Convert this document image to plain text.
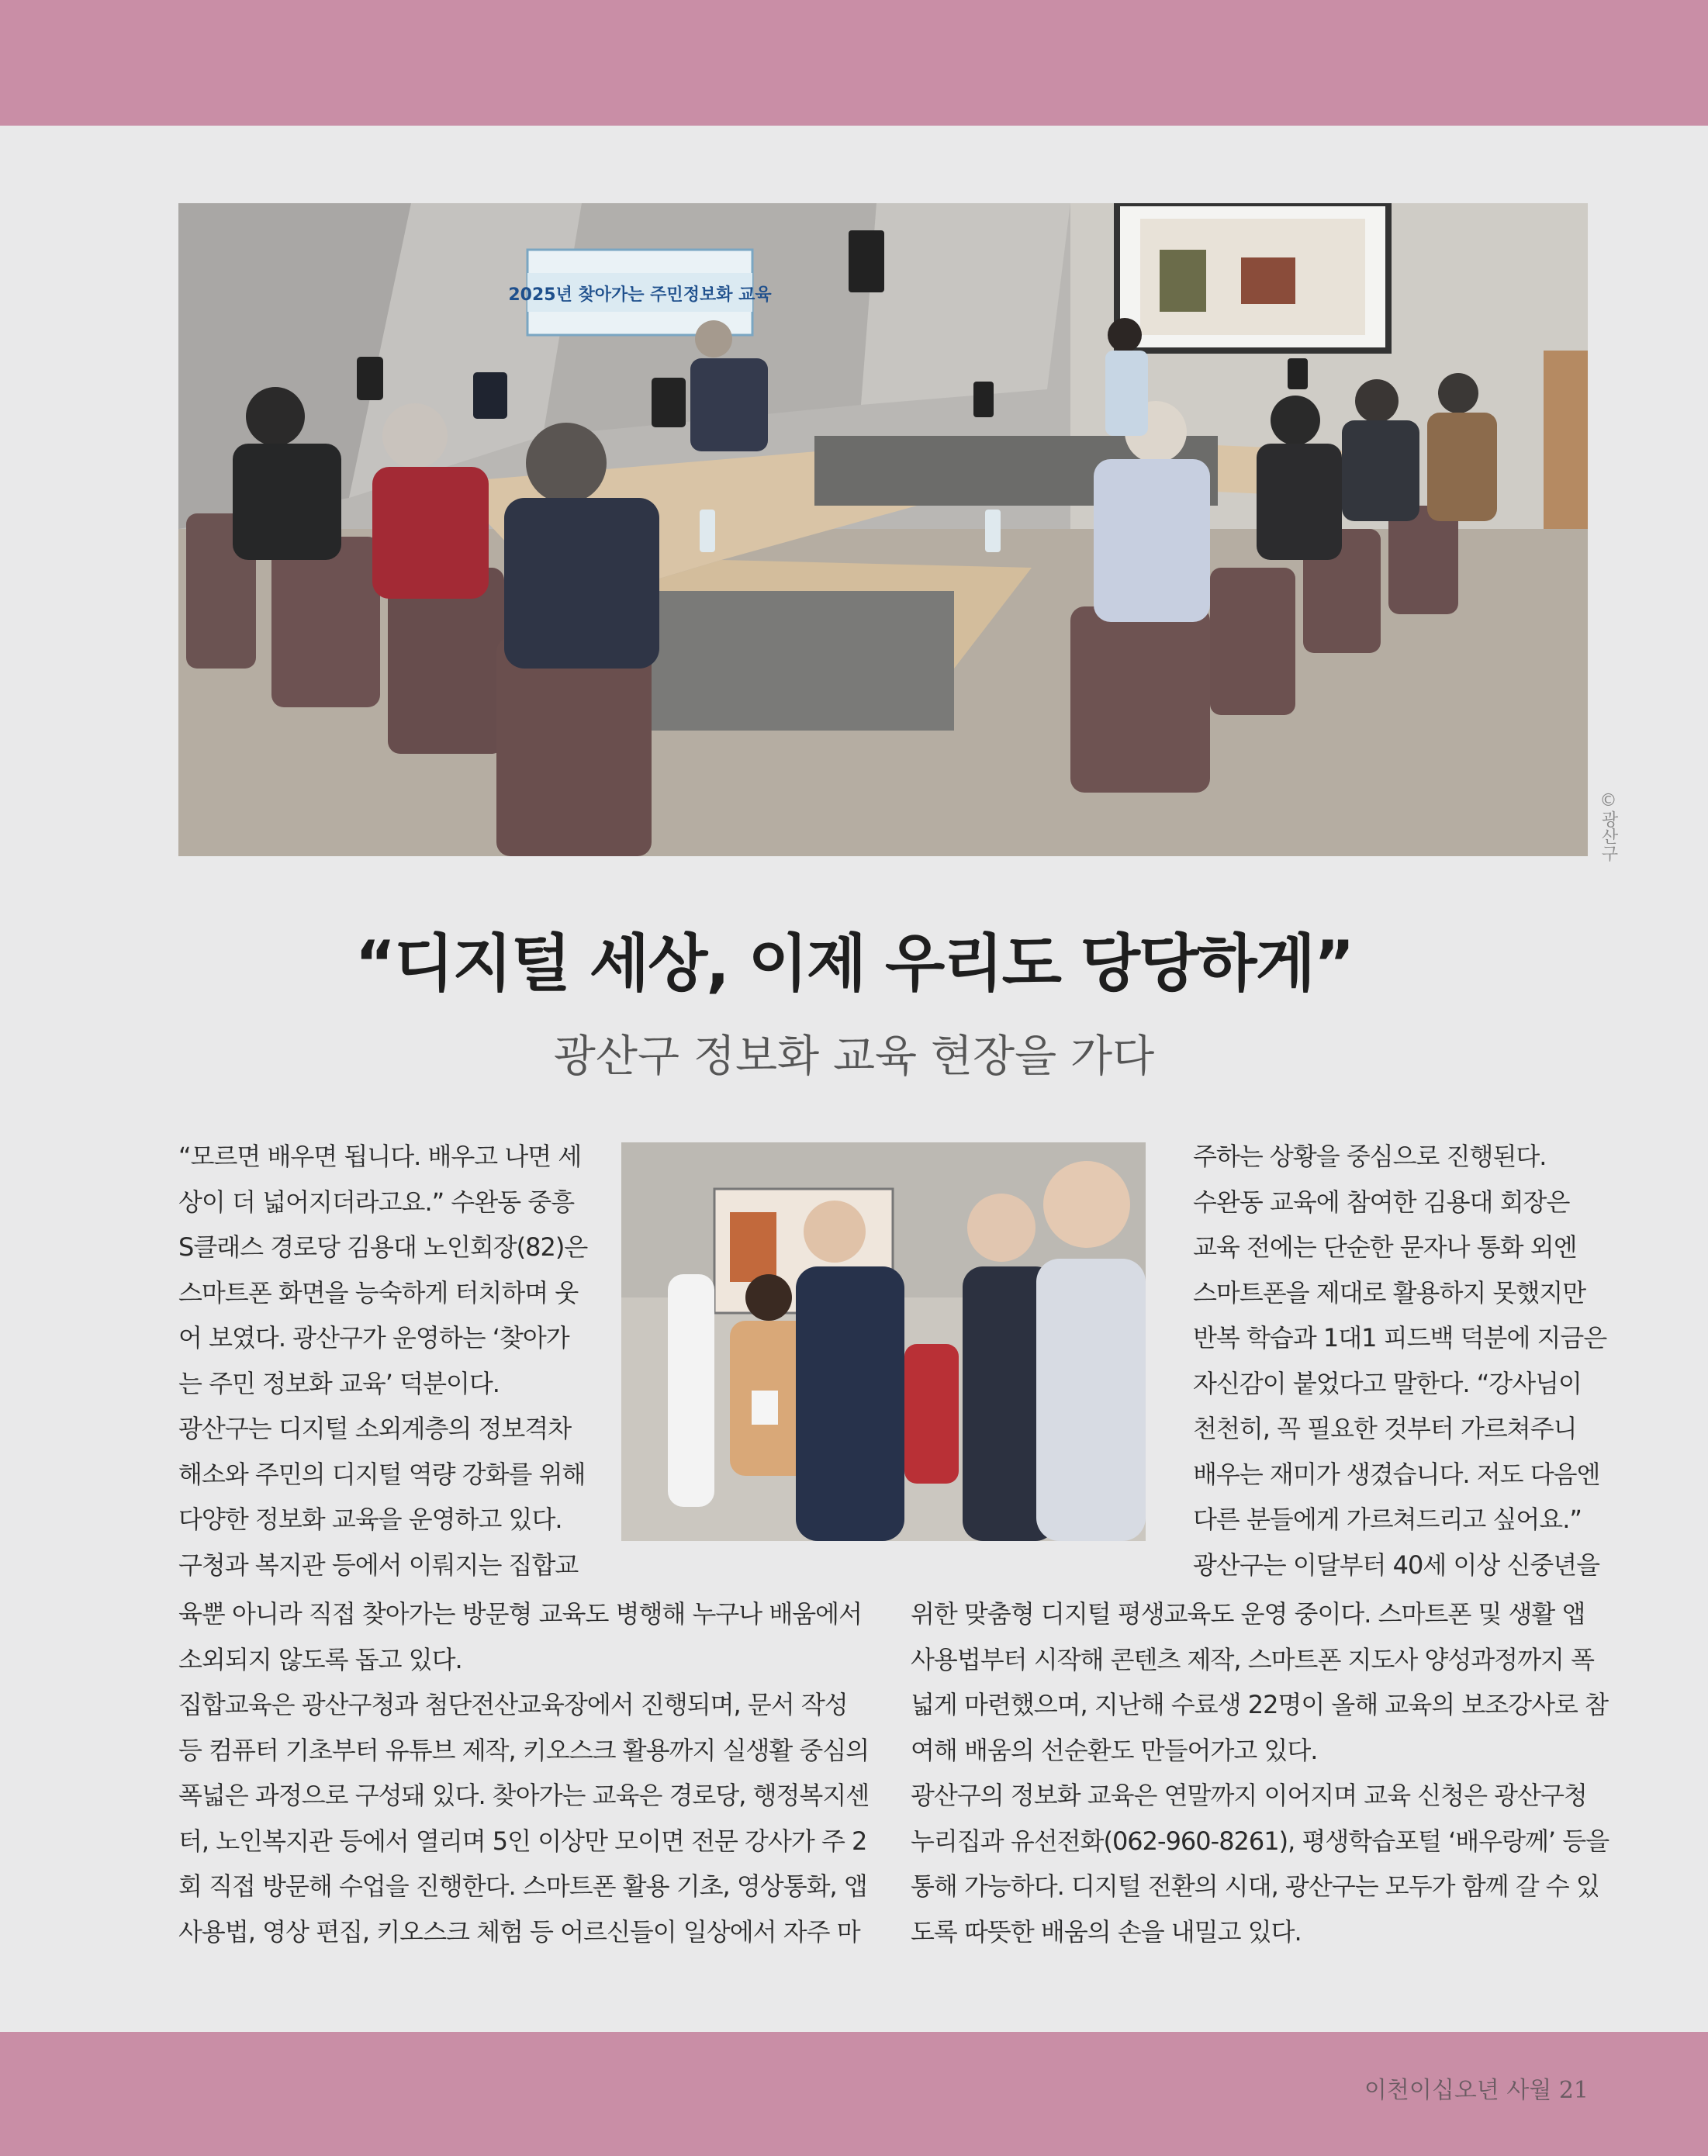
2025년 찾아가는 주민정보화 교육
©광산구
“디지털 세상, 이제 우리도 당당하게”
광산구 정보화 교육 현장을 가다
“모르면 배우면 됩니다. 배우고 나면 세
상이 더 넓어지더라고요.” 수완동 중흥
S클래스 경로당 김용대 노인회장(82)은
스마트폰 화면을 능숙하게 터치하며 웃
어 보였다. 광산구가 운영하는 ‘찾아가
는 주민 정보화 교육’ 덕분이다.
광산구는 디지털 소외계층의 정보격차
해소와 주민의 디지털 역량 강화를 위해
다양한 정보화 교육을 운영하고 있다.
구청과 복지관 등에서 이뤄지는 집합교
주하는 상황을 중심으로 진행된다.
수완동 교육에 참여한 김용대 회장은
교육 전에는 단순한 문자나 통화 외엔
스마트폰을 제대로 활용하지 못했지만
반복 학습과 1대1 피드백 덕분에 지금은
자신감이 붙었다고 말한다. “강사님이
천천히, 꼭 필요한 것부터 가르쳐주니
배우는 재미가 생겼습니다. 저도 다음엔
다른 분들에게 가르쳐드리고 싶어요.”
광산구는 이달부터 40세 이상 신중년을
육뿐 아니라 직접 찾아가는 방문형 교육도 병행해 누구나 배움에서
소외되지 않도록 돕고 있다.
집합교육은 광산구청과 첨단전산교육장에서 진행되며, 문서 작성
등 컴퓨터 기초부터 유튜브 제작, 키오스크 활용까지 실생활 중심의
폭넓은 과정으로 구성돼 있다. 찾아가는 교육은 경로당, 행정복지센
터, 노인복지관 등에서 열리며 5인 이상만 모이면 전문 강사가 주 2
회 직접 방문해 수업을 진행한다. 스마트폰 활용 기초, 영상통화, 앱
사용법, 영상 편집, 키오스크 체험 등 어르신들이 일상에서 자주 마
위한 맞춤형 디지털 평생교육도 운영 중이다. 스마트폰 및 생활 앱
사용법부터 시작해 콘텐츠 제작, 스마트폰 지도사 양성과정까지 폭
넓게 마련했으며, 지난해 수료생 22명이 올해 교육의 보조강사로 참
여해 배움의 선순환도 만들어가고 있다.
광산구의 정보화 교육은 연말까지 이어지며 교육 신청은 광산구청
누리집과 유선전화(062-960-8261), 평생학습포털 ‘배우랑께’ 등을
통해 가능하다. 디지털 전환의 시대, 광산구는 모두가 함께 갈 수 있
도록 따뜻한 배움의 손을 내밀고 있다.
이천이십오년 사월 21
